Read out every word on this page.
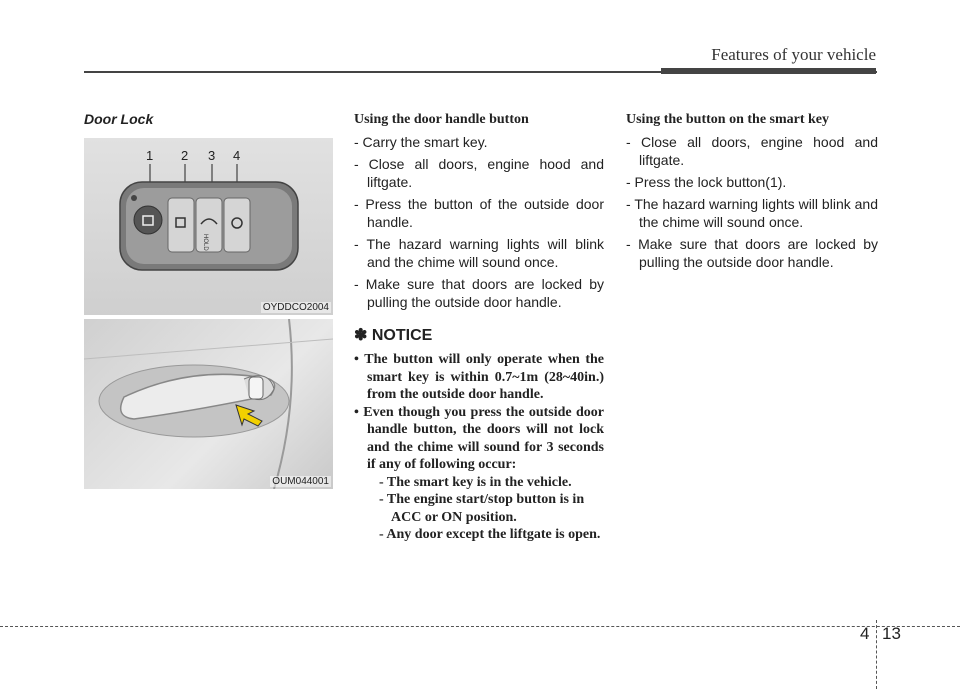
Features of your vehicle
Door Lock
1 2 3 4
HOLD
OYDDCO2004
OUM044001
Using the door handle button

- Carry the smart key.

- Close all doors, engine hood and liftgate.

- Press the button of the outside door handle.

- The hazard warning lights will blink and the chime will sound once.

- Make sure that doors are locked by pulling the outside door handle.

✽ NOTICE

• The button will only operate when the smart key is within 0.7~1m (28~40in.) from the outside door handle.

• Even though you press the outside door handle button, the doors will not lock and the chime will sound for 3 seconds if any of following occur:

- The smart key is in the vehicle.

- The engine start/stop button is in ACC or ON position.

- Any door except the liftgate is open.

Using the button on the smart key

- Close all doors, engine hood and liftgate.

- Press the lock button(1).

- The hazard warning lights will blink and the chime will sound once.

- Make sure that doors are locked by pulling the outside door handle.

4 13
